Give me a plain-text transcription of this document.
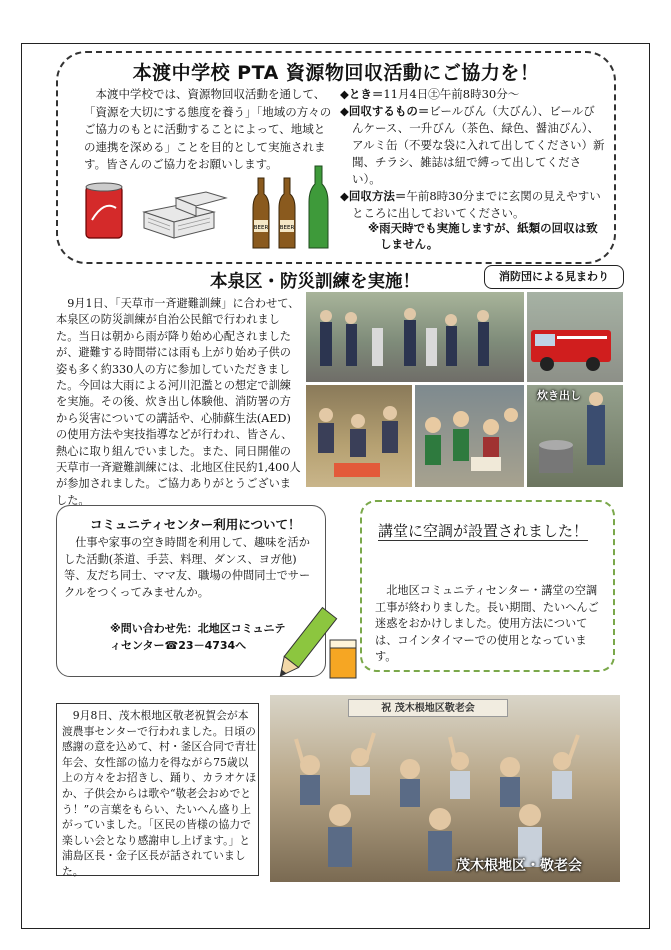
本渡中学校 PTA 資源物回収活動にご協力を！
本渡中学校では、資源物回収活動を通して、「資源を大切にする態度を養う」「地域の方々のご協力のもとに活動することによって、地域との連携を深める」ことを目的として実施されます。皆さんのご協力をお願いします。

◆とき＝11月4日㊏午前8時30分～

◆回収するもの＝ビールびん（大びん）、ビールびんケース、一升びん（茶色、緑色、醤油びん）、アルミ缶（不要な袋に入れて出してください）新聞、チラシ、雑誌は紐で縛って出してください）。

◆回収方法＝午前8時30分までに玄関の見えやすいところに出しておいてください。

※雨天時でも実施しますが、紙類の回収は致しません。
BEER BEER
本泉区・防災訓練を実施！
9月1日、「天草市一斉避難訓練」に合わせて、本泉区の防災訓練が自治公民館で行われました。当日は朝から雨が降り始め心配されましたが、避難する時間帯には雨も上がり始め子供の姿も多く約330人の方に参加していただきました。今回は大雨による河川氾濫との想定で訓練を実施。その後、炊き出し体験他、消防署の方から災害についての講話や、心肺蘇生法(AED)の使用方法や実技指導などが行われ、皆さん、熱心に取り組んでいました。また、同日開催の天草市一斉避難訓練には、北地区住民約1,400人が参加されました。ご協力ありがとうございました。
消防団による見まわり
炊き出し
コミュニティセンター利用について！
仕事や家事の空き時間を利用して、趣味を活かした活動(茶道、手芸、料理、ダンス、ヨガ他)等、友だち同士、ママ友、職場の仲間同士でサークルをつくってみませんか。
※問い合わせ先：北地区コミュニティセンター☎23－4734へ
講堂に空調が設置されました！
北地区コミュニティセンター・講堂の空調工事が終わりました。長い期間、たいへんご迷惑をおかけしました。使用方法については、コインタイマーでの使用となっています。
9月8日、茂木根地区敬老祝賀会が本渡農事センターで行われました。日頃の感謝の意を込めて、村・釜区合同で青壮年会、女性部の協力を得ながら75歳以上の方々をお招きし、踊り、カラオケほか、子供会からは歌や“敬老会おめでとう！”の言葉をもらい、たいへん盛り上がっていました。「区民の皆様の協力で楽しい会となり感謝申し上げます。」と浦島区長・金子区長が話されていました。
祝 茂木根地区敬老会
茂木根地区・敬老会
